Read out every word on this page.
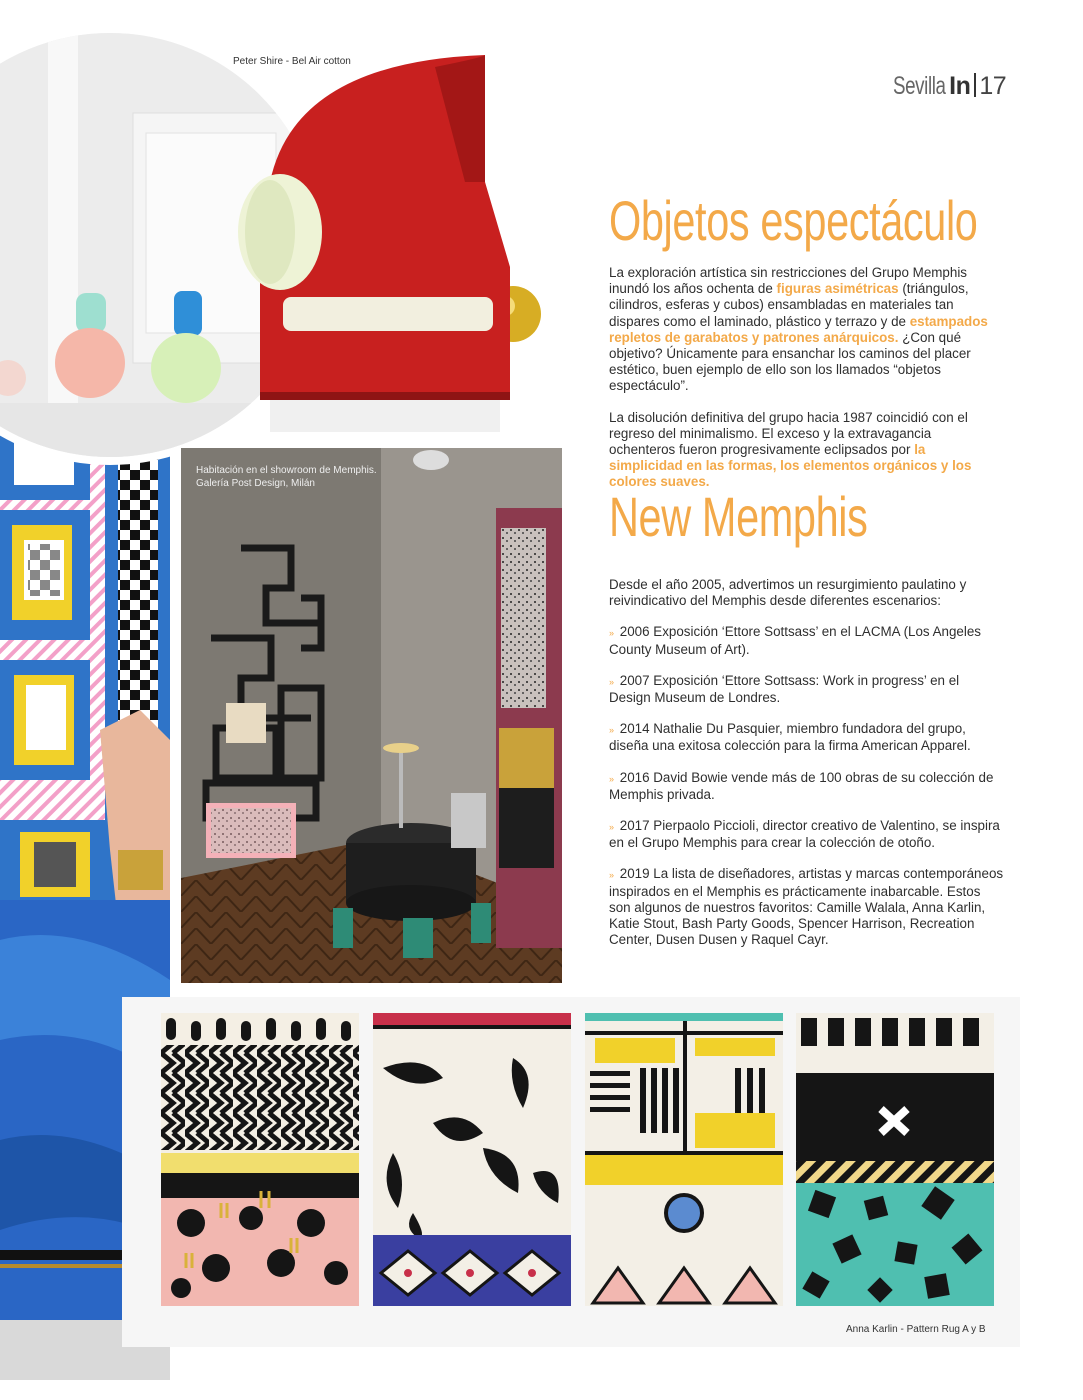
Peter Shire - Bel Air cotton
Habitación en el showroom de Memphis.
Galería Post Design, Milán
Sevilla In 17
Objetos espectáculo

La exploración artística sin restricciones del Grupo Memphis inundó los años ochenta de figuras asimétricas (triángulos, cilindros, esferas y cubos) ensambladas en materiales tan dispares como el laminado, plástico y terrazo y de estampados repletos de garabatos y patrones anárquicos. ¿Con qué objetivo? Únicamente para ensanchar los caminos del placer estético, buen ejemplo de ello son los llamados “objetos espectáculo”.

La disolución definitiva del grupo hacia 1987 coincidió con el regreso del minimalismo. El exceso y la extravagancia ochenteros fueron progresivamente eclipsados por la simplicidad en las formas, los elementos orgánicos y los colores suaves.

New Memphis

Desde el año 2005, advertimos un resurgimiento paulatino y reivindicativo del Memphis desde diferentes escenarios:

» 2006 Exposición ‘Ettore Sottsass’ en el LACMA (Los Angeles County Museum of Art).

» 2007 Exposición ‘Ettore Sottsass: Work in progress’ en el Design Museum de Londres.

» 2014 Nathalie Du Pasquier, miembro fundadora del grupo, diseña una exitosa colección para la firma American Apparel.

» 2016 David Bowie vende más de 100 obras de su colección de Memphis privada.

» 2017 Pierpaolo Piccioli, director creativo de Valentino, se inspira en el Grupo Memphis para crear la colección de otoño.

» 2019 La lista de diseñadores, artistas y marcas contemporáneos inspirados en el Memphis es prácticamente inabarcable. Estos son algunos de nuestros favoritos: Camille Walala, Anna Karlin, Katie Stout, Bash Party Goods, Spencer Harrison, Recreation Center, Dusen Dusen y Raquel Cayr.

Anna Karlin - Pattern Rug A y B
